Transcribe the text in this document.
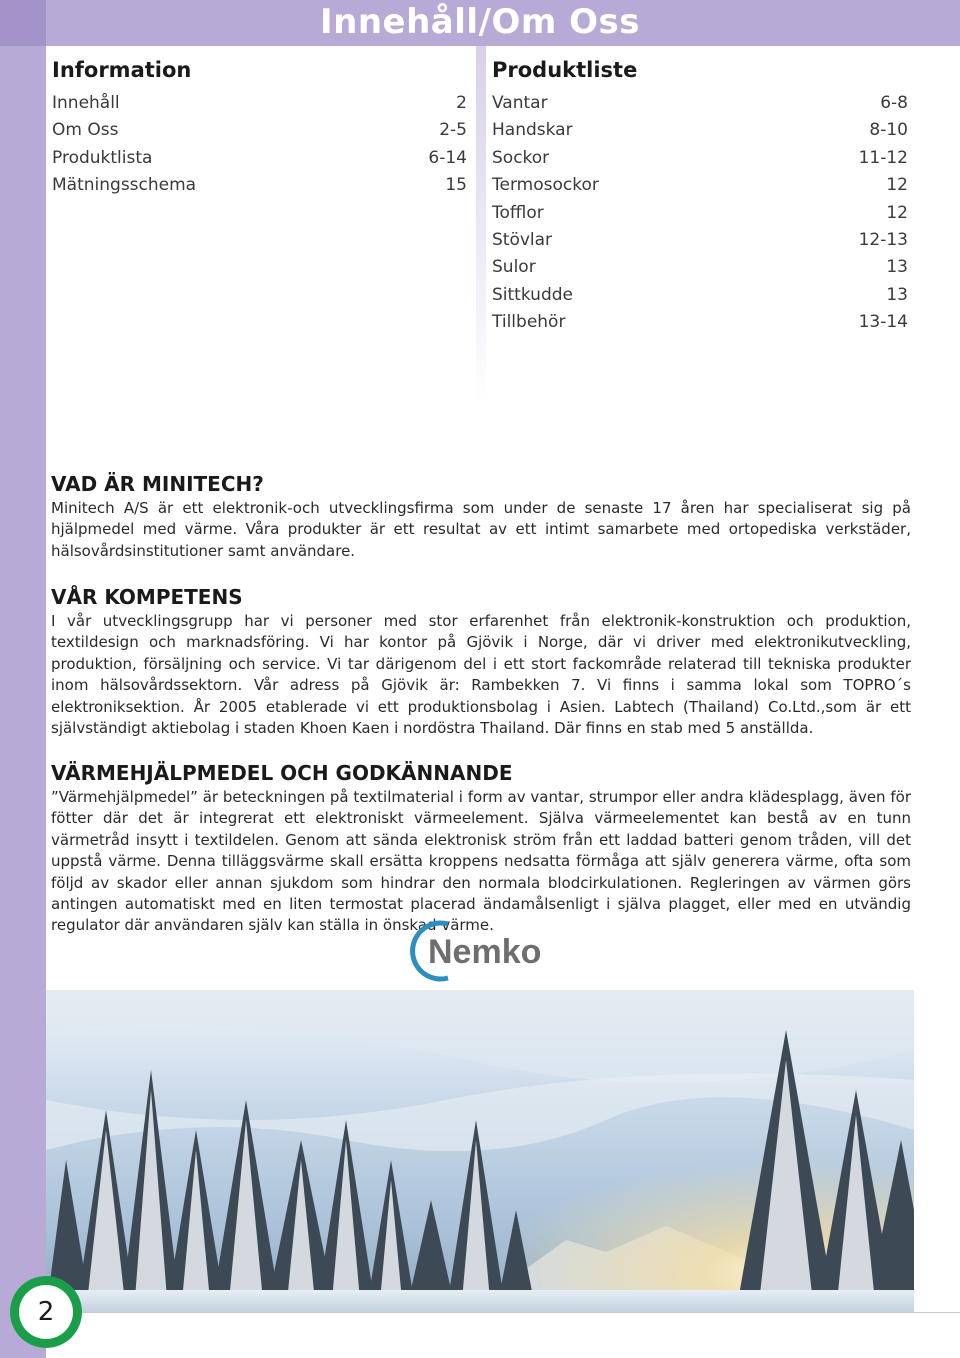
Innehåll/Om Oss
Information
Innehåll	2
Om Oss	2-5
Produktlista	6-14
Mätningsschema	15
Produktliste
Vantar	6-8
Handskar	8-10
Sockor	11-12
Termosockor	12
Tofflor	12
Stövlar	12-13
Sulor	13
Sittkudde	13
Tillbehör	13-14
VAD ÄR MINITECH?

Minitech A/S är ett elektronik-och utvecklingsfirma som under de senaste 17 åren har specialiserat sig på hjälpmedel med värme. Våra produkter är ett resultat av ett intimt samarbete med ortopediska verkstäder, hälsovårdsinstitutioner samt användare.

VÅR KOMPETENS

I vår utvecklingsgrupp har vi personer med stor erfarenhet från elektronik-konstruktion och produktion, textildesign och marknadsföring. Vi har kontor på Gjövik i Norge, där vi driver med elektronikutveckling, produktion, försäljning och service. Vi tar därigenom del i ett stort fackområde relaterad till tekniska produkter inom hälsovårdssektorn. Vår adress på Gjövik är: Rambekken 7. Vi finns i samma lokal som TOPRO´s elektroniksektion. År 2005 etablerade vi ett produktionsbolag i Asien. Labtech (Thailand) Co.Ltd.,som är ett självständigt aktiebolag i staden Khoen Kaen i nordöstra Thailand. Där finns en stab med 5 anställda.

VÄRMEHJÄLPMEDEL OCH GODKÄNNANDE

”Värmehjälpmedel” är beteckningen på textilmaterial i form av vantar, strumpor eller andra klädesplagg, även för fötter där det är integrerat ett elektroniskt värmeelement. Själva värmeelementet kan bestå av en tunn värmetråd insytt i textildelen. Genom att sända elektronisk ström från ett laddad batteri genom tråden, vill det uppstå värme. Denna tilläggsvärme skall ersätta kroppens nedsatta förmåga att själv generera värme, ofta som följd av skador eller annan sjukdom som hindrar den normala blodcirkulationen. Regleringen av värmen görs antingen automatiskt med en liten termostat placerad ändamålsenligt i själva plagget, eller med en utvändig regulator där användaren själv kan ställa in önskad värme.

Nemko
2
